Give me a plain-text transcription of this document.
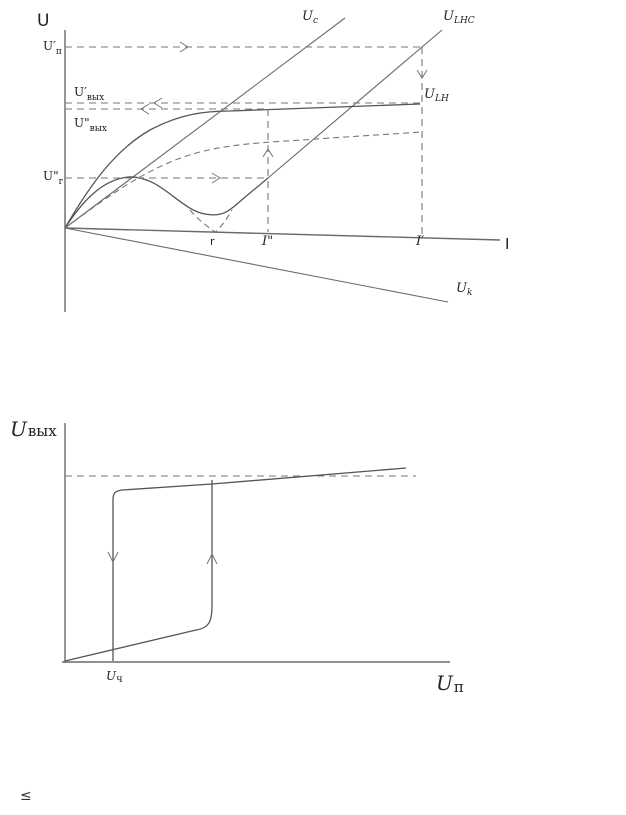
U
I
$U_c$	$U_{LHC}$
$U_{LH}$
$U_k$
$U'_п$
$U'_{вых}$
$U"_{вых}$
$U"_г$
r	I"	I′
Uвых
Uп
Uч
≤
